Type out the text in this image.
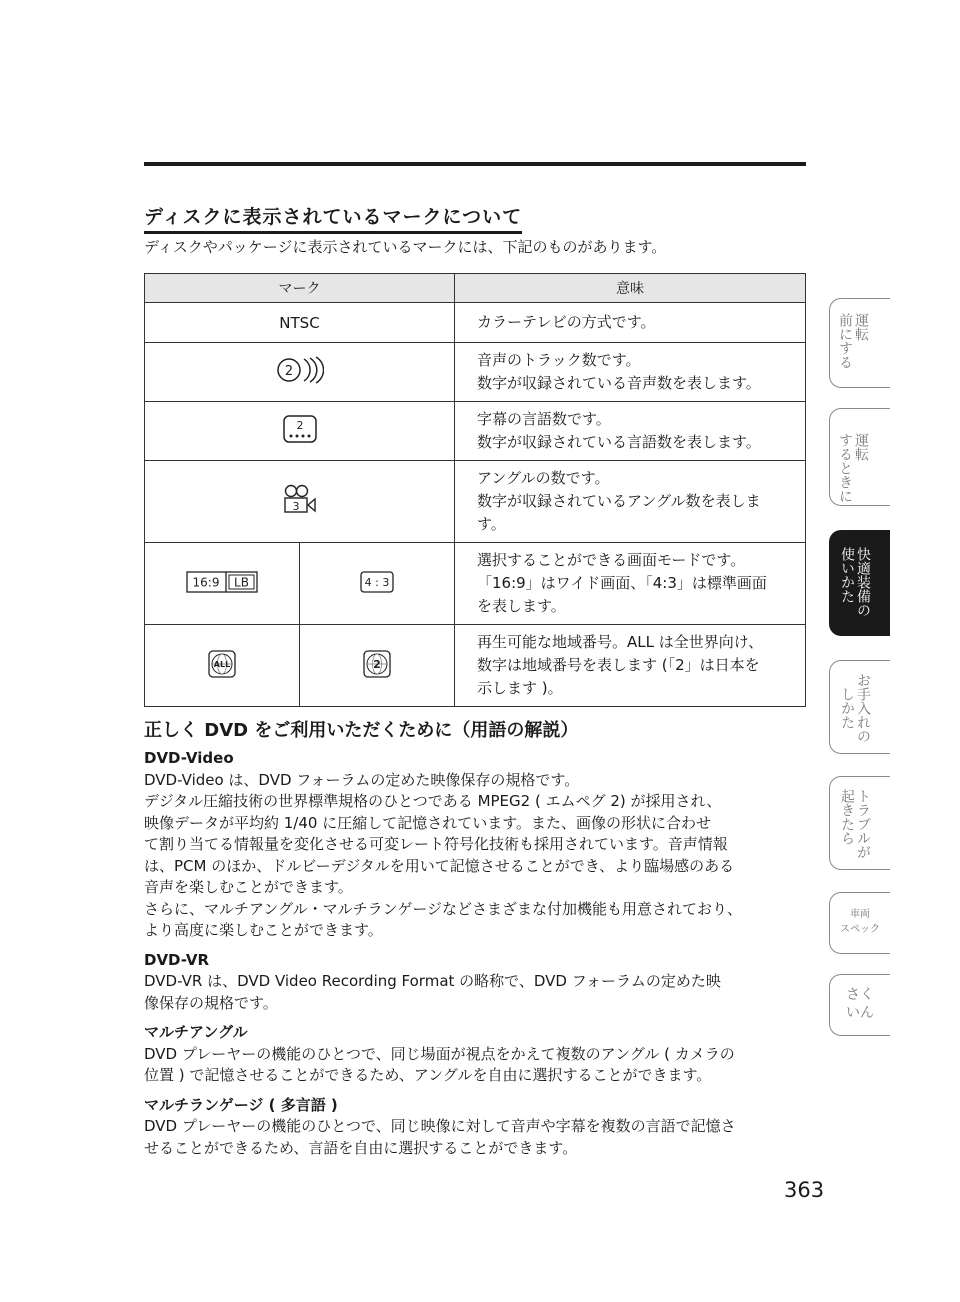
ディスクに表示されているマークについて

ディスクやパッケージに表示されているマークには、下記のものがあります。

マーク		意味
NTSC		カラーテレビの方式です。

2		音声のトラック数です。
数字が収録されている音声数を表します。

2		字幕の言語数です。
数字が収録されている言語数を表します。

3		アングルの数です。
数字が収録されているアングル数を表しま
す。

16:9 LB	4 : 3	選択することができる画面モードです。
「16:9」はワイド画面、「4:3」は標準画面
を表します。

ALL	2	再生可能な地域番号。ALL は全世界向け、
数字は地域番号を表します (「2」は日本を
示します )。
正しく DVD をご利用いただくために（用語の解説）
DVD-Video
DVD-Video は、DVD フォーラムの定めた映像保存の規格です。
デジタル圧縮技術の世界標準規格のひとつである MPEG2 ( エムペグ 2) が採用され、
映像データが平均約 1/40 に圧縮して記憶されています。また、画像の形状に合わせ
て割り当てる情報量を変化させる可変レート符号化技術も採用されています。音声情報
は、PCM のほか、ドルビーデジタルを用いて記憶させることができ、より臨場感のある
音声を楽しむことができます。
さらに、マルチアングル・マルチランゲージなどさまざまな付加機能も用意されており、
より高度に楽しむことができます。
DVD-VR
DVD-VR は、DVD Video Recording Format の略称で、DVD フォーラムの定めた映
像保存の規格です。
マルチアングル
DVD プレーヤーの機能のひとつで、同じ場面が視点をかえて複数のアングル ( カメラの
位置 ) で記憶させることができるため、アングルを自由に選択することができます。
マルチランゲージ ( 多言語 )
DVD プレーヤーの機能のひとつで、同じ映像に対して音声や字幕を複数の言語で記憶さ
せることができるため、言語を自由に選択することができます。
363
運転
前にする
運転
するときに
快適装備の
使いかた
お手入れの
しかた
トラブルが
起きたら
車両
スペック
さく
いん
